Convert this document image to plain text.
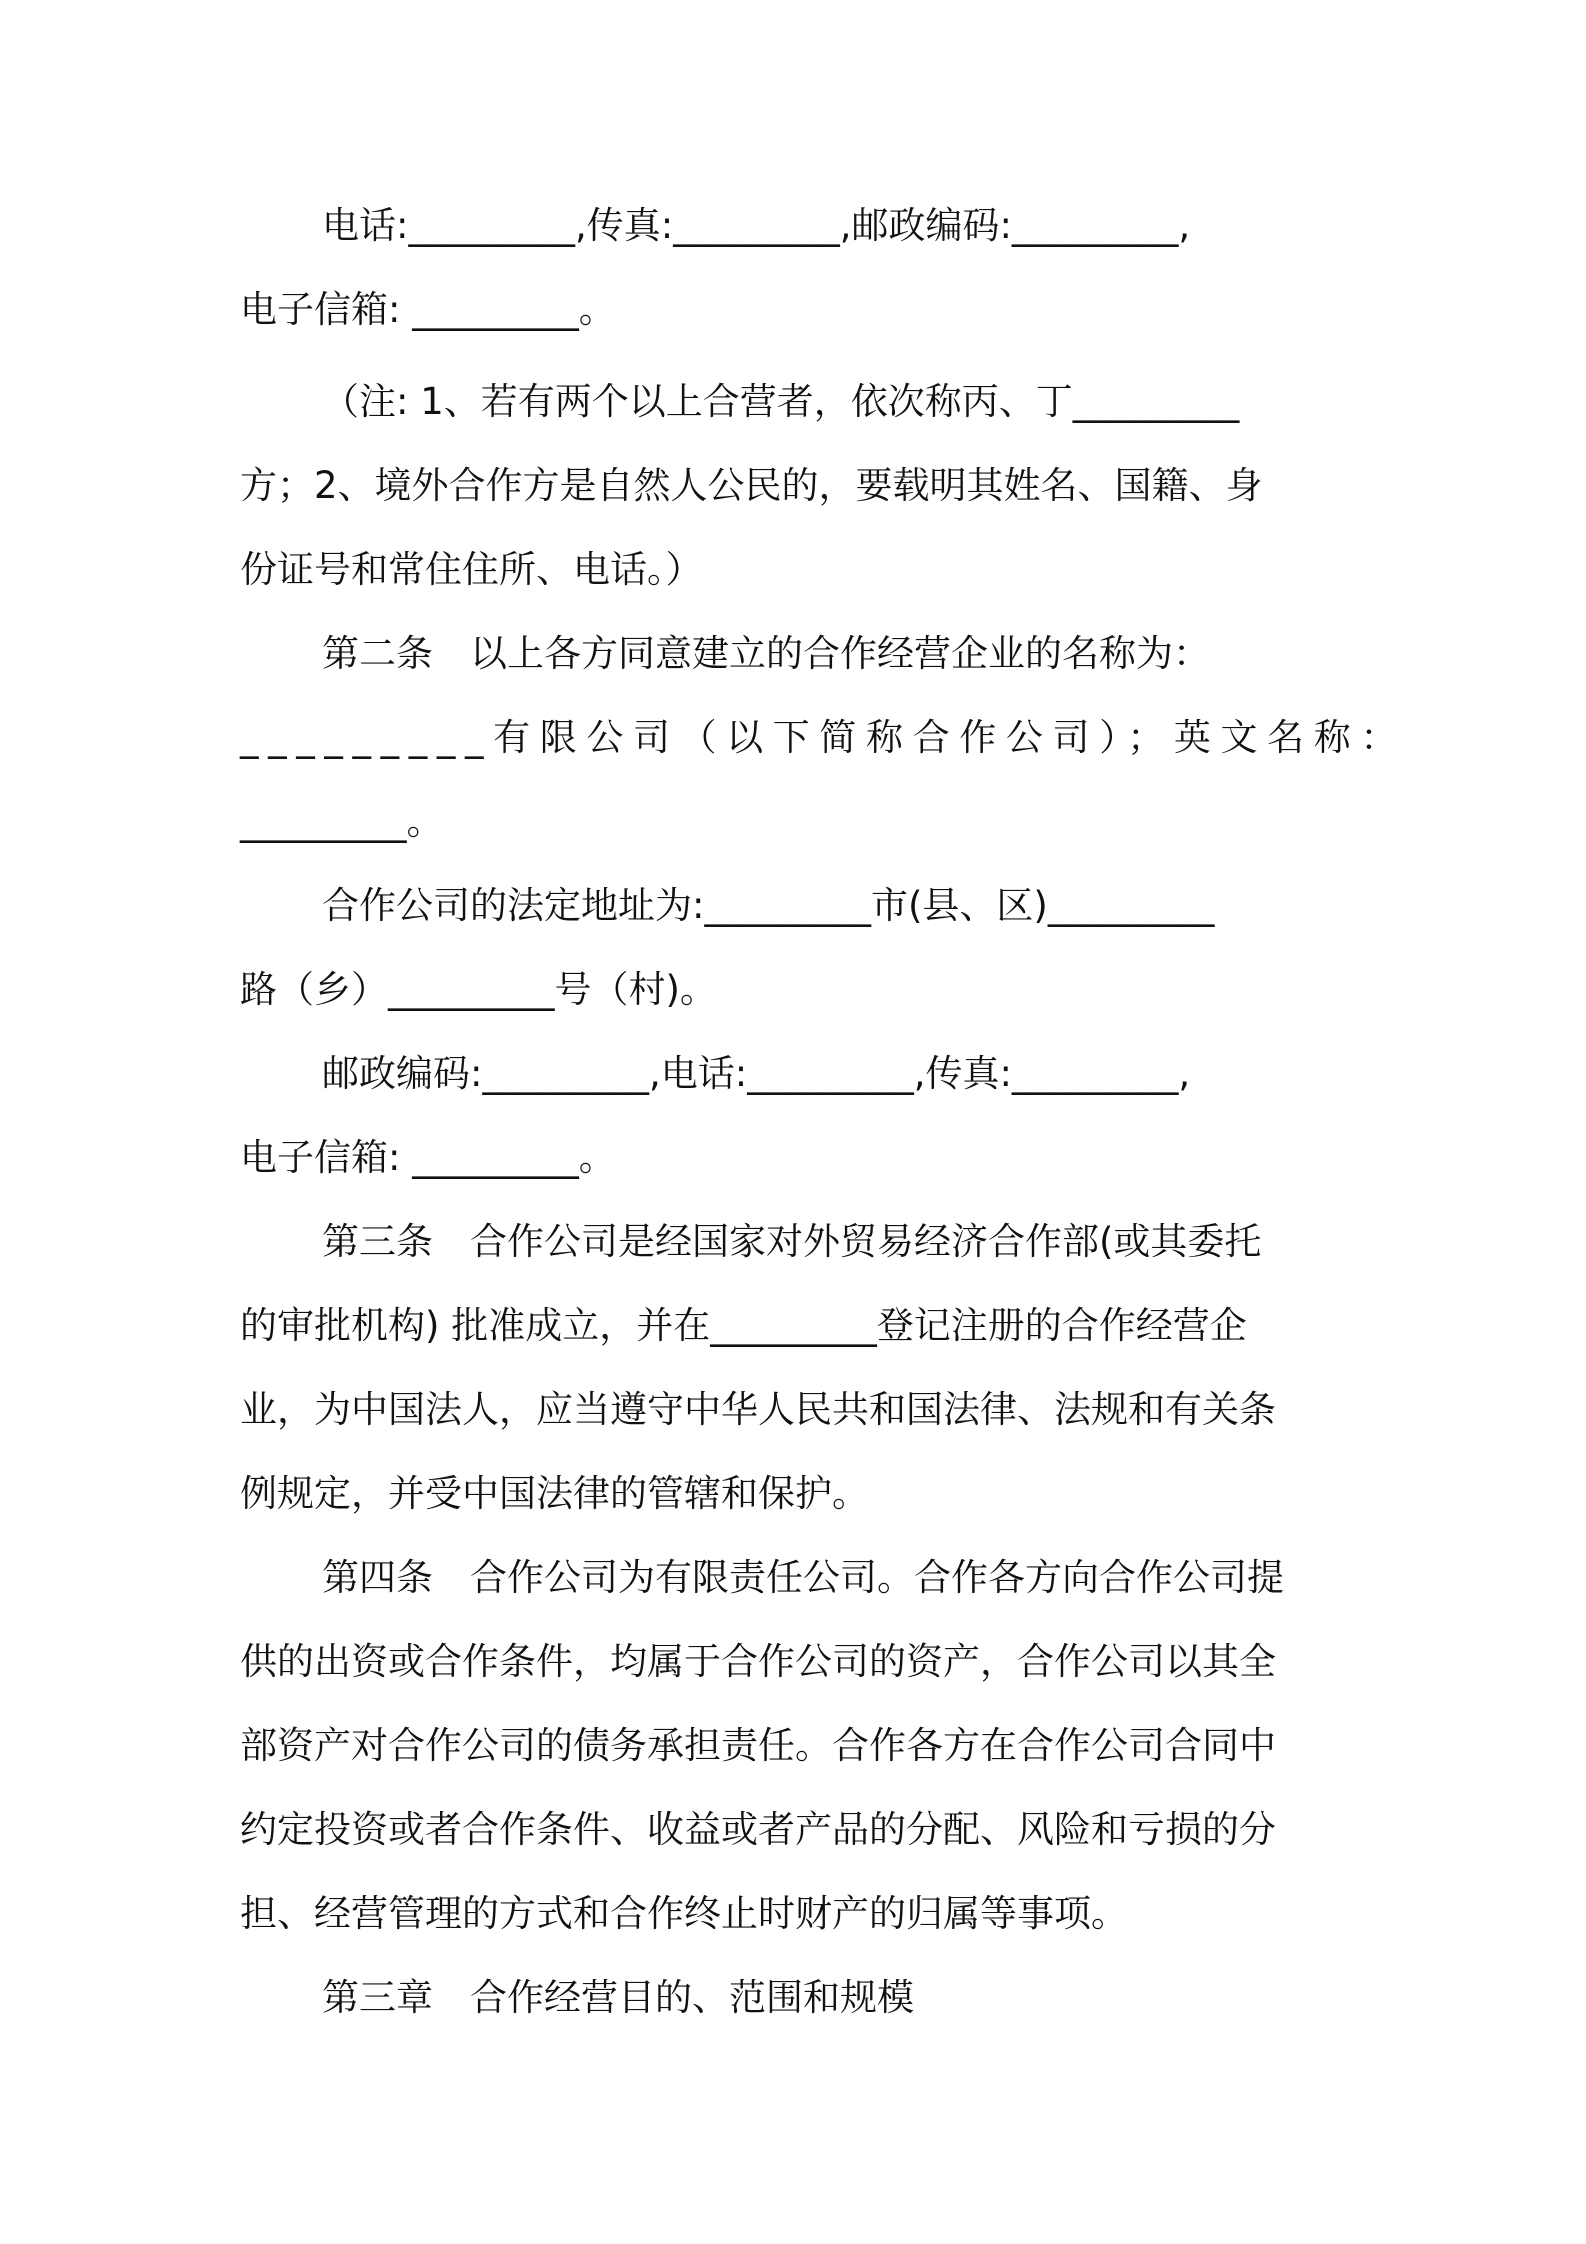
电话:_________,传真:_________,邮政编码:_________,
电子信箱: _________。
（注: 1、若有两个以上合营者，依次称丙、丁_________
方；2、境外合作方是自然人公民的，要载明其姓名、国籍、身
份证号和常住住所、电话。）
第二条　以上各方同意建立的合作经营企业的名称为：
_________有限公司（以下简称合作公司）；英文名称：
_________。
合作公司的法定地址为:_________市(县、区)_________
路（乡）_________号（村)。
邮政编码:_________,电话:_________,传真:_________,
电子信箱: _________。
第三条　合作公司是经国家对外贸易经济合作部(或其委托
的审批机构) 批准成立，并在_________登记注册的合作经营企
业，为中国法人，应当遵守中华人民共和国法律、法规和有关条
例规定，并受中国法律的管辖和保护。
第四条　合作公司为有限责任公司。合作各方向合作公司提
供的出资或合作条件，均属于合作公司的资产，合作公司以其全
部资产对合作公司的债务承担责任。合作各方在合作公司合同中
约定投资或者合作条件、收益或者产品的分配、风险和亏损的分
担、经营管理的方式和合作终止时财产的归属等事项。
第三章　合作经营目的、范围和规模
